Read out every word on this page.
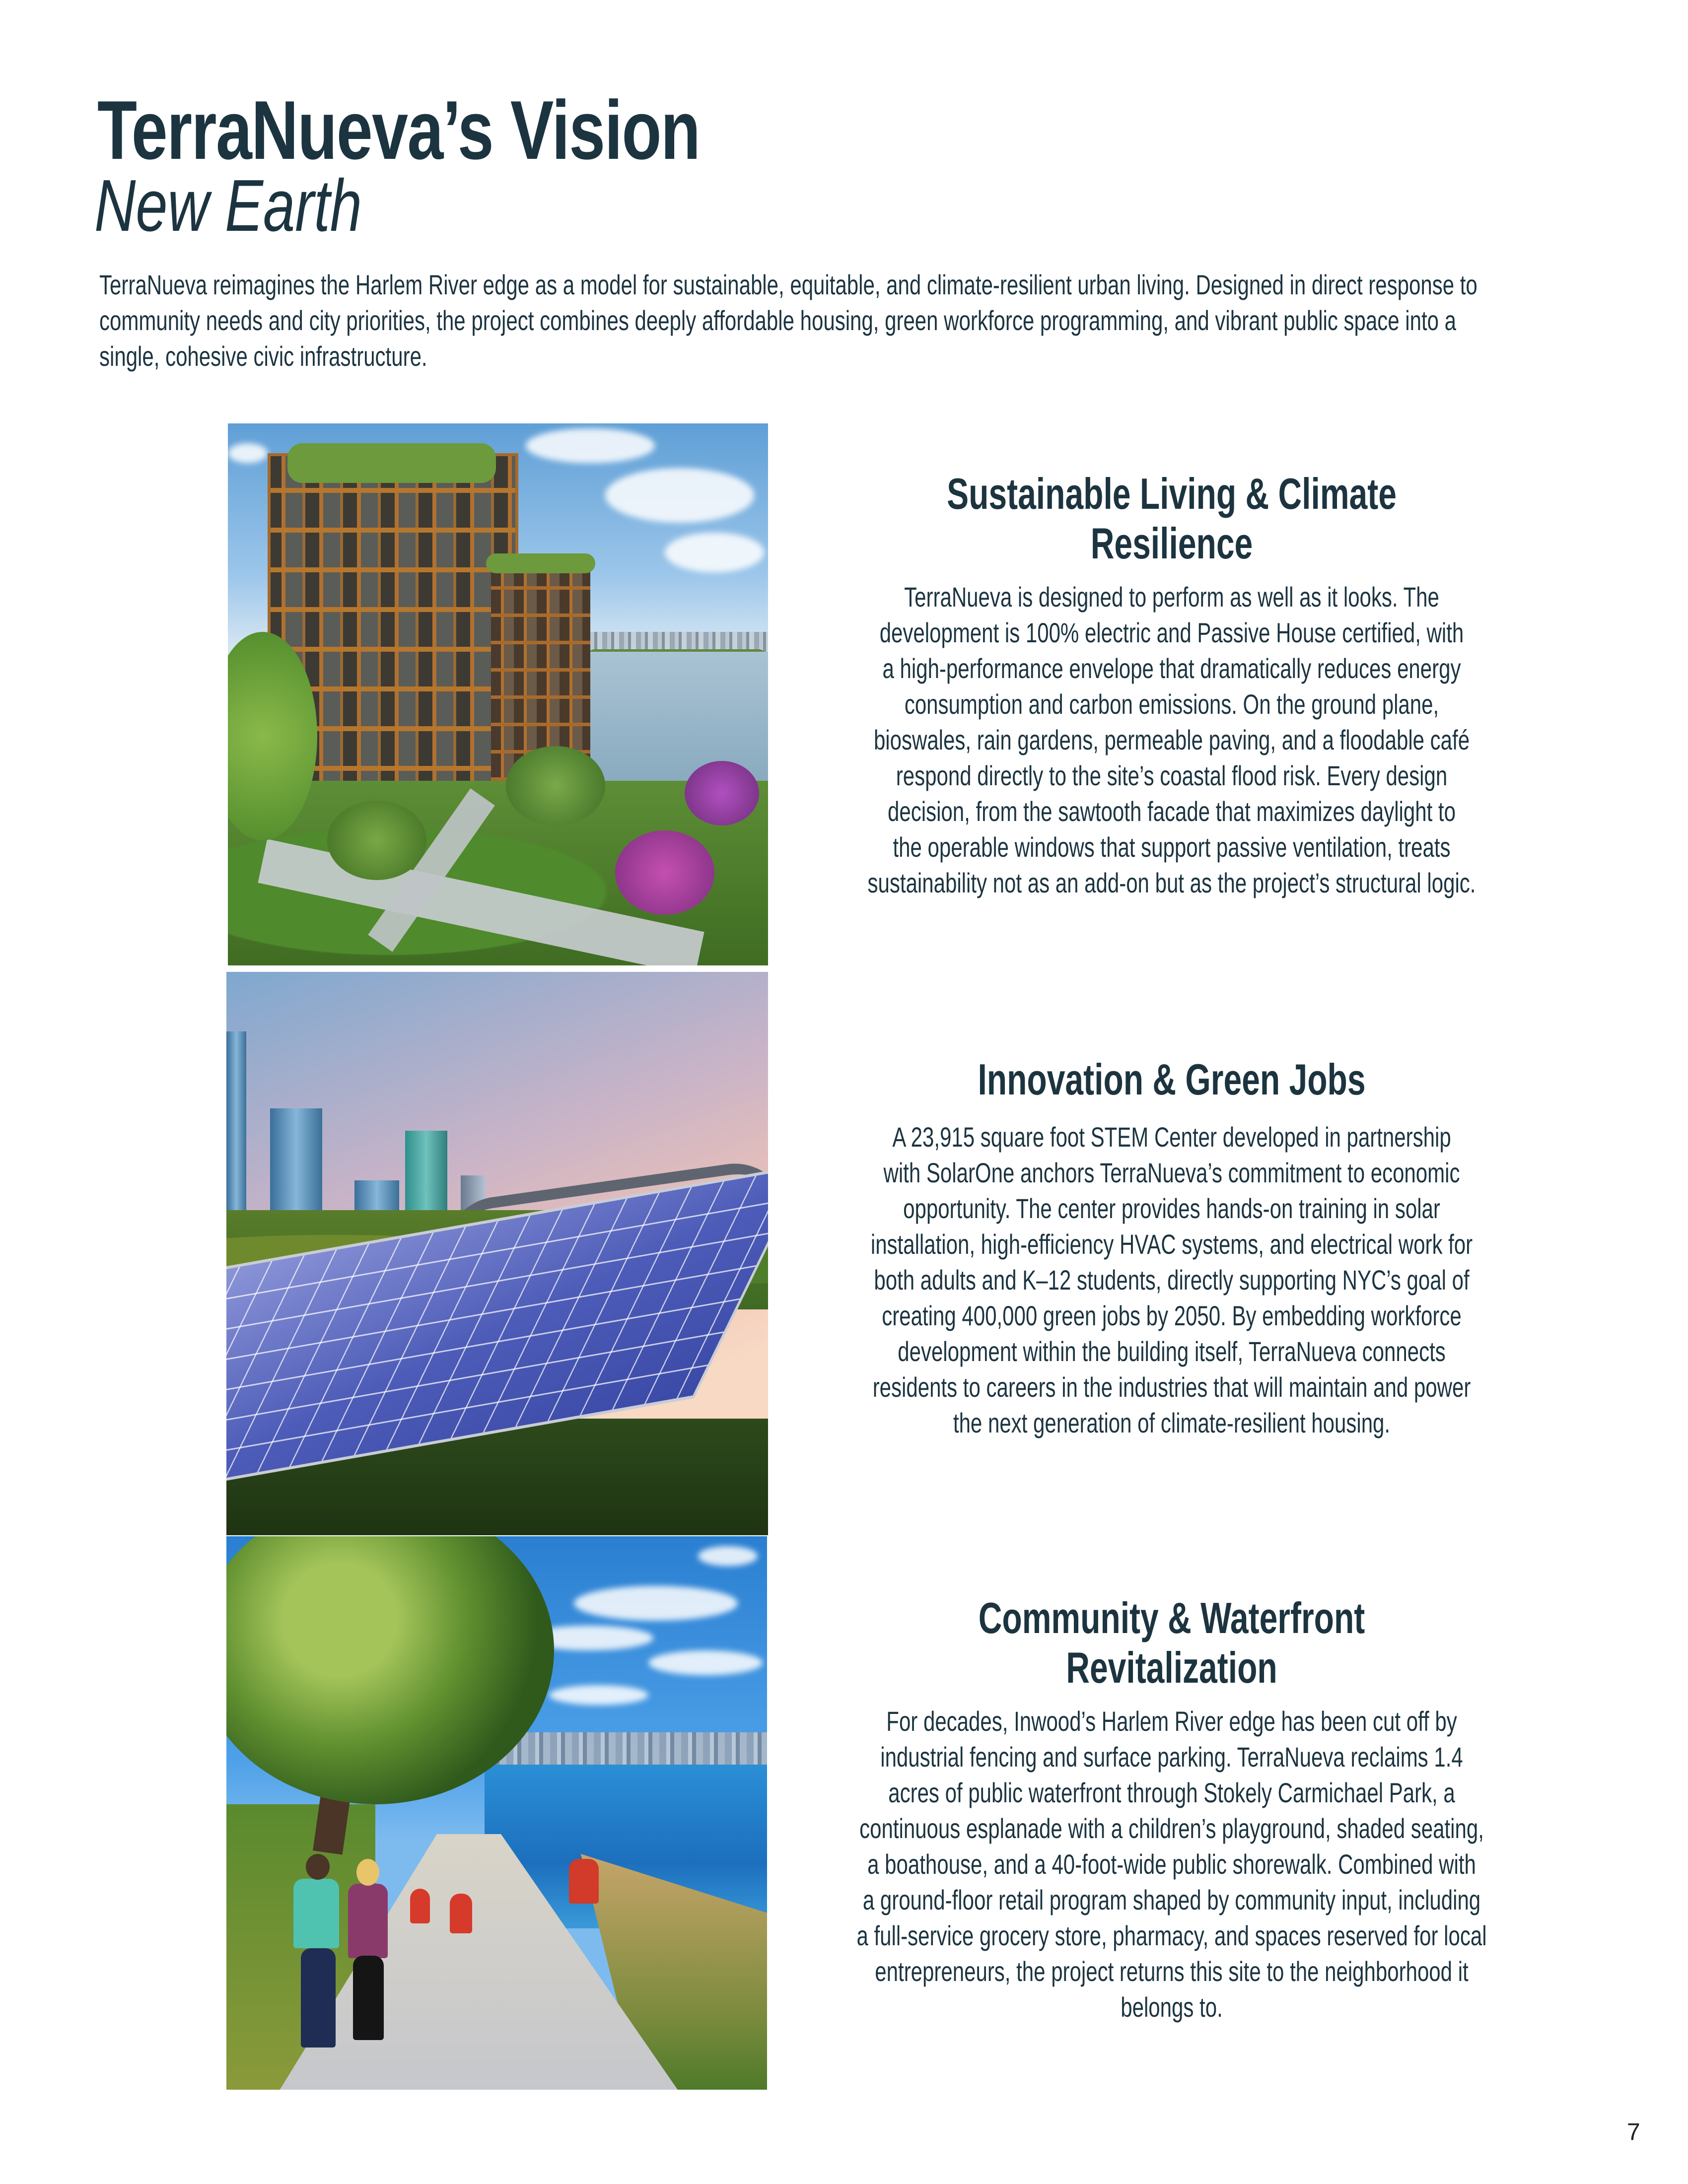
TerraNueva’s Vision
New Earth
TerraNueva reimagines the Harlem River edge as a model for sustainable, equitable, and climate-resilient urban living. Designed in direct response to
community needs and city priorities, the project combines deeply affordable housing, green workforce programming, and vibrant public space into a
single, cohesive civic infrastructure.
Sustainable Living & Climate
Resilience
TerraNueva is designed to perform as well as it looks. The
development is 100% electric and Passive House certified, with
a high-performance envelope that dramatically reduces energy
consumption and carbon emissions. On the ground plane,
bioswales, rain gardens, permeable paving, and a floodable café
respond directly to the site’s coastal flood risk. Every design
decision, from the sawtooth facade that maximizes daylight to
the operable windows that support passive ventilation, treats
sustainability not as an add-on but as the project’s structural logic.
Innovation & Green Jobs
A 23,915 square foot STEM Center developed in partnership
with SolarOne anchors TerraNueva’s commitment to economic
opportunity. The center provides hands-on training in solar
installation, high-efficiency HVAC systems, and electrical work for
both adults and K–12 students, directly supporting NYC’s goal of
creating 400,000 green jobs by 2050. By embedding workforce
development within the building itself, TerraNueva connects
residents to careers in the industries that will maintain and power
the next generation of climate-resilient housing.
Community & Waterfront
Revitalization
For decades, Inwood’s Harlem River edge has been cut off by
industrial fencing and surface parking. TerraNueva reclaims 1.4
acres of public waterfront through Stokely Carmichael Park, a
continuous esplanade with a children’s playground, shaded seating,
a boathouse, and a 40-foot-wide public shorewalk. Combined with
a ground-floor retail program shaped by community input, including
a full-service grocery store, pharmacy, and spaces reserved for local
entrepreneurs, the project returns this site to the neighborhood it
belongs to.
7
